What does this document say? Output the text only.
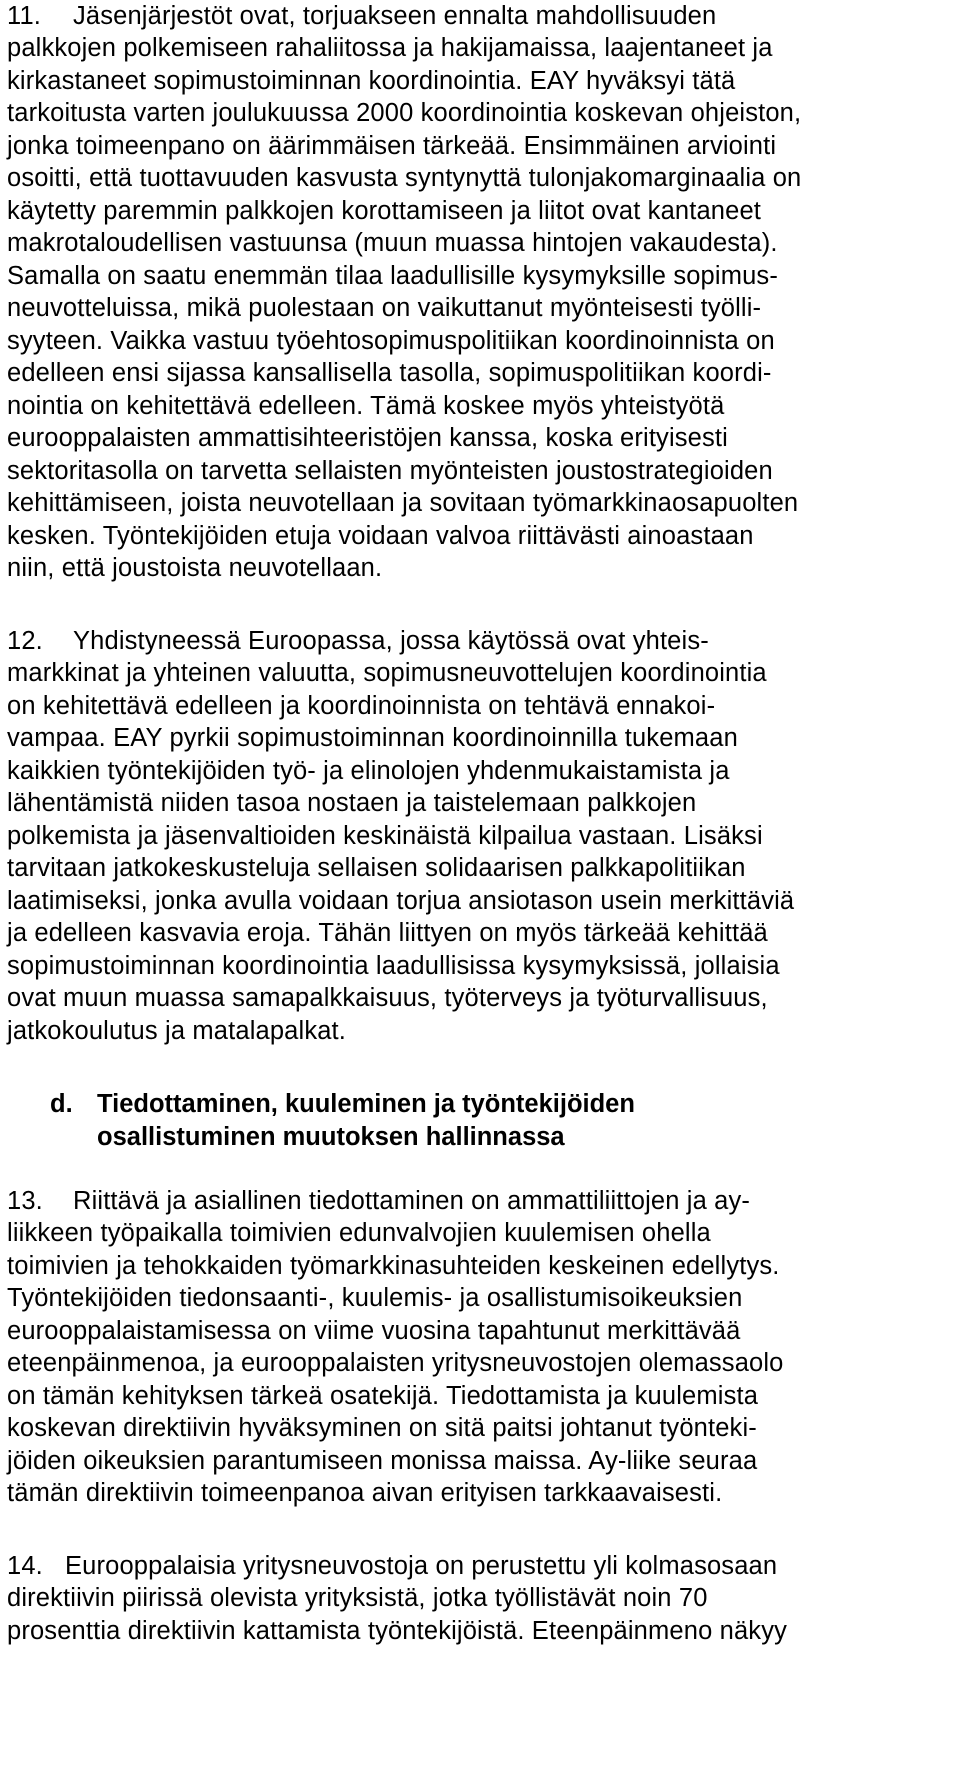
11. Jäsenjärjestöt ovat, torjuakseen ennalta mahdollisuuden
palkkojen polkemiseen rahaliitossa ja hakijamaissa, laajentaneet ja
kirkastaneet sopimustoiminnan koordinointia. EAY hyväksyi tätä
tarkoitusta varten joulukuussa 2000 koordinointia koskevan ohjeiston,
jonka toimeenpano on äärimmäisen tärkeää. Ensimmäinen arviointi
osoitti, että tuottavuuden kasvusta syntynyttä tulonjakomarginaalia on
käytetty paremmin palkkojen korottamiseen ja liitot ovat kantaneet
makrotaloudellisen vastuunsa (muun muassa hintojen vakaudesta).
Samalla on saatu enemmän tilaa laadullisille kysymyksille sopimus-
neuvotteluissa, mikä puolestaan on vaikuttanut myönteisesti työlli-
syyteen. Vaikka vastuu työehtosopimuspolitiikan koordinoinnista on
edelleen ensi sijassa kansallisella tasolla, sopimuspolitiikan koordi-
nointia on kehitettävä edelleen. Tämä koskee myös yhteistyötä
eurooppalaisten ammattisihteeristöjen kanssa, koska erityisesti
sektoritasolla on tarvetta sellaisten myönteisten joustostrategioiden
kehittämiseen, joista neuvotellaan ja sovitaan työmarkkinaosapuolten
kesken. Työntekijöiden etuja voidaan valvoa riittävästi ainoastaan
niin, että joustoista neuvotellaan.
12. Yhdistyneessä Euroopassa, jossa käytössä ovat yhteis-
markkinat ja yhteinen valuutta, sopimusneuvottelujen koordinointia
on kehitettävä edelleen ja koordinoinnista on tehtävä ennakoi-
vampaa. EAY pyrkii sopimustoiminnan koordinoinnilla tukemaan
kaikkien työntekijöiden työ- ja elinolojen yhdenmukaistamista ja
lähentämistä niiden tasoa nostaen ja taistelemaan palkkojen
polkemista ja jäsenvaltioiden keskinäistä kilpailua vastaan. Lisäksi
tarvitaan jatkokeskusteluja sellaisen solidaarisen palkkapolitiikan
laatimiseksi, jonka avulla voidaan torjua ansiotason usein merkittäviä
ja edelleen kasvavia eroja. Tähän liittyen on myös tärkeää kehittää
sopimustoiminnan koordinointia laadullisissa kysymyksissä, jollaisia
ovat muun muassa samapalkkaisuus, työterveys ja työturvallisuus,
jatkokoulutus ja matalapalkat.
d. Tiedottaminen, kuuleminen ja työntekijöiden
osallistuminen muutoksen hallinnassa
13. Riittävä ja asiallinen tiedottaminen on ammattiliittojen ja ay-
liikkeen työpaikalla toimivien edunvalvojien kuulemisen ohella
toimivien ja tehokkaiden työmarkkinasuhteiden keskeinen edellytys.
Työntekijöiden tiedonsaanti-, kuulemis- ja osallistumisoikeuksien
eurooppalaistamisessa on viime vuosina tapahtunut merkittävää
eteenpäinmenoa, ja eurooppalaisten yritysneuvostojen olemassaolo
on tämän kehityksen tärkeä osatekijä. Tiedottamista ja kuulemista
koskevan direktiivin hyväksyminen on sitä paitsi johtanut työnteki-
jöiden oikeuksien parantumiseen monissa maissa. Ay-liike seuraa
tämän direktiivin toimeenpanoa aivan erityisen tarkkaavaisesti.
14. Eurooppalaisia yritysneuvostoja on perustettu yli kolmasosaan
direktiivin piirissä olevista yrityksistä, jotka työllistävät noin 70
prosenttia direktiivin kattamista työntekijöistä. Eteenpäinmeno näkyy
